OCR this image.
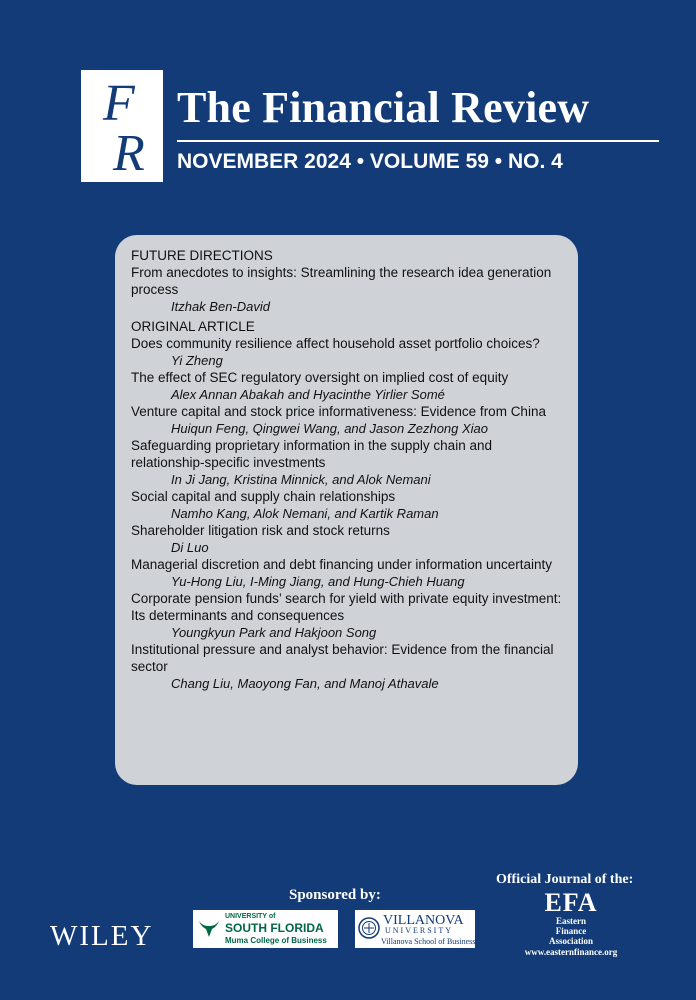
F
R
The Financial Review
NOVEMBER 2024 • VOLUME 59 • NO. 4
FUTURE DIRECTIONS
From anecdotes to insights: Streamlining the research idea generation process
Itzhak Ben-David
ORIGINAL ARTICLE
Does community resilience affect household asset portfolio choices?
Yi Zheng
The effect of SEC regulatory oversight on implied cost of equity
Alex Annan Abakah and Hyacinthe Yirlier Somé
Venture capital and stock price informativeness: Evidence from China
Huiqun Feng, Qingwei Wang, and Jason Zezhong Xiao
Safeguarding proprietary information in the supply chain and relationship-specific investments
In Ji Jang, Kristina Minnick, and Alok Nemani
Social capital and supply chain relationships
Namho Kang, Alok Nemani, and Kartik Raman
Shareholder litigation risk and stock returns
Di Luo
Managerial discretion and debt financing under information uncertainty
Yu-Hong Liu, I-Ming Jiang, and Hung-Chieh Huang
Corporate pension funds’ search for yield with private equity investment: Its determinants and consequences
Youngkyun Park and Hakjoon Song
Institutional pressure and analyst behavior: Evidence from the financial sector
Chang Liu, Maoyong Fan, and Manoj Athavale
Sponsored by:
Official Journal of the:
WILEY
UNIVERSITY of
SOUTH FLORIDA
Muma College of Business
VILLANOVA
UNIVERSITY
Villanova School of Business
EFA
Eastern
Finance
Association
www.easternfinance.org
